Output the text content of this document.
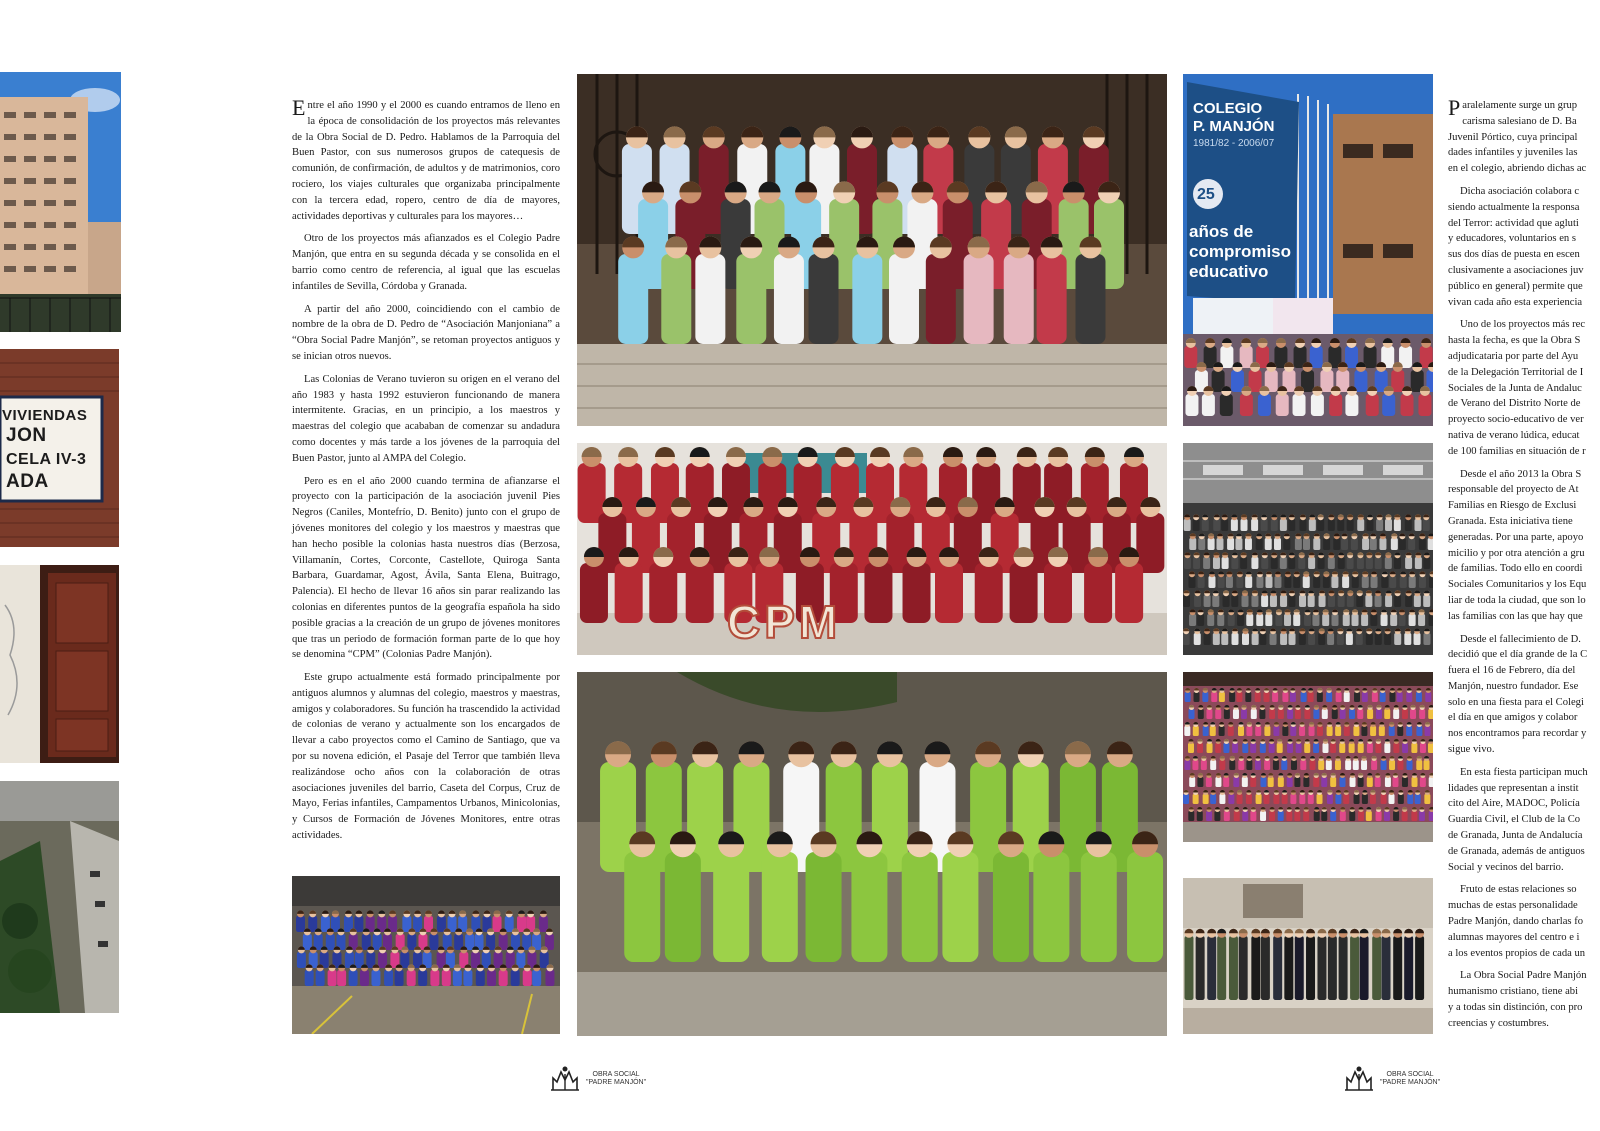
VIVIENDAS
JON
CELA IV-3
ADA

Entre el año 1990 y el 2000 es cuando entramos de lleno en la época de consolidación de los proyectos más relevantes de la Obra Social de D. Pedro. Hablamos de la Parroquia del Buen Pastor, con sus numerosos grupos de catequesis de comunión, de confirmación, de adultos y de matrimonios, coro rociero, los viajes culturales que organizaba principalmente con la tercera edad, ropero, centro de día de mayores, actividades deportivas y culturales para los mayores…

Otro de los proyectos más afianzados es el Colegio Padre Manjón, que entra en su segunda década y se consolida en el barrio como centro de referencia, al igual que las escuelas infantiles de Sevilla, Córdoba y Granada.

A partir del año 2000, coincidiendo con el cambio de nombre de la obra de D. Pedro de “Asociación Manjoniana” a “Obra Social Padre Manjón”, se retoman proyectos antiguos y se inician otros nuevos.

Las Colonias de Verano tuvieron su origen en el verano del año 1983 y hasta 1992 estuvieron funcionando de manera intermitente. Gracias, en un principio, a los maestros y maestras del colegio que acababan de comenzar su andadura como docentes y más tarde a los jóvenes de la parroquia del Buen Pastor, junto al AMPA del Colegio.

Pero es en el año 2000 cuando termina de afianzarse el proyecto con la participación de la asociación juvenil Pies Negros (Caniles, Montefrío, D. Benito) junto con el grupo de jóvenes monitores del colegio y los maestros y maestras que han hecho posible la colonias hasta nuestros días (Berzosa, Villamanín, Cortes, Corconte, Castellote, Quiroga Santa Barbara, Guardamar, Agost, Ávila, Santa Elena, Buitrago, Palencia). El hecho de llevar 16 años sin parar realizando las colonias en diferentes puntos de la geografía española ha sido posible gracias a la creación de un grupo de jóvenes monitores que tras un periodo de formación forman parte de lo que hoy se denomina “CPM” (Colonias Padre Manjón).

Este grupo actualmente está formado principalmente por antiguos alumnos y alumnas del colegio, maestros y maestras, amigos y colaboradores. Su función ha trascendido la actividad de colonias de verano y actualmente son los encargados de llevar a cabo proyectos como el Camino de Santiago, que va por su novena edición, el Pasaje del Terror que también lleva realizándose ocho años con la colaboración de otras asociaciones juveniles del barrio, Caseta del Corpus, Cruz de Mayo, Ferias infantiles, Campamentos Urbanos, Minicolonias, y Cursos de Formación de Jóvenes Monitores, entre otras actividades.

CPM
COLEGIO
P. MANJÓN
1981/82 - 2006/07
25
años de
compromiso
educativo

Paralelamente surge un grup
carisma salesiano de D. Ba
Juvenil Pórtico, cuya principal
dades infantiles y juveniles las
en el colegio, abriendo dichas ac

Dicha asociación colabora c
siendo actualmente la responsa
del Terror: actividad que agluti
y educadores, voluntarios en s
sus dos días de puesta en escen
clusivamente a asociaciones juv
público en general) permite que
vivan cada año esta experiencia

Uno de los proyectos más rec
hasta la fecha, es que la Obra S
adjudicataria por parte del Ayu
de la Delegación Territorial de I
Sociales de la Junta de Andaluc
de Verano del Distrito Norte de
proyecto socio-educativo de ver
nativa de verano lúdica, educat
de 100 familias en situación de r

Desde el año 2013 la Obra S
responsable del proyecto de At
Familias en Riesgo de Exclusi
Granada. Esta iniciativa tiene
generadas. Por una parte, apoyo
micilio y por otra atención a gru
de familias. Todo ello en coordi
Sociales Comunitarios y los Equ
liar de toda la ciudad, que son lo
las familias con las que hay que

Desde el fallecimiento de D.
decidió que el día grande de la C
fuera el 16 de Febrero, día del
Manjón, nuestro fundador. Ese
solo en una fiesta para el Colegi
el día en que amigos y colabor
nos encontramos para recordar y
sigue vivo.

En esta fiesta participan much
lidades que representan a instit
cito del Aire, MADOC, Policía
Guardia Civil, el Club de la Co
de Granada, Junta de Andalucía
de Granada, además de antiguos
Social y vecinos del barrio.

Fruto de estas relaciones so
muchas de estas personalidade
Padre Manjón, dando charlas fo
alumnas mayores del centro e i
a los eventos propios de cada un

La Obra Social Padre Manjón
humanismo cristiano, tiene abi
y a todas sin distinción, con pro
creencias y costumbres.

OBRA SOCIAL
"PADRE MANJÓN"
OBRA SOCIAL
"PADRE MANJÓN"
